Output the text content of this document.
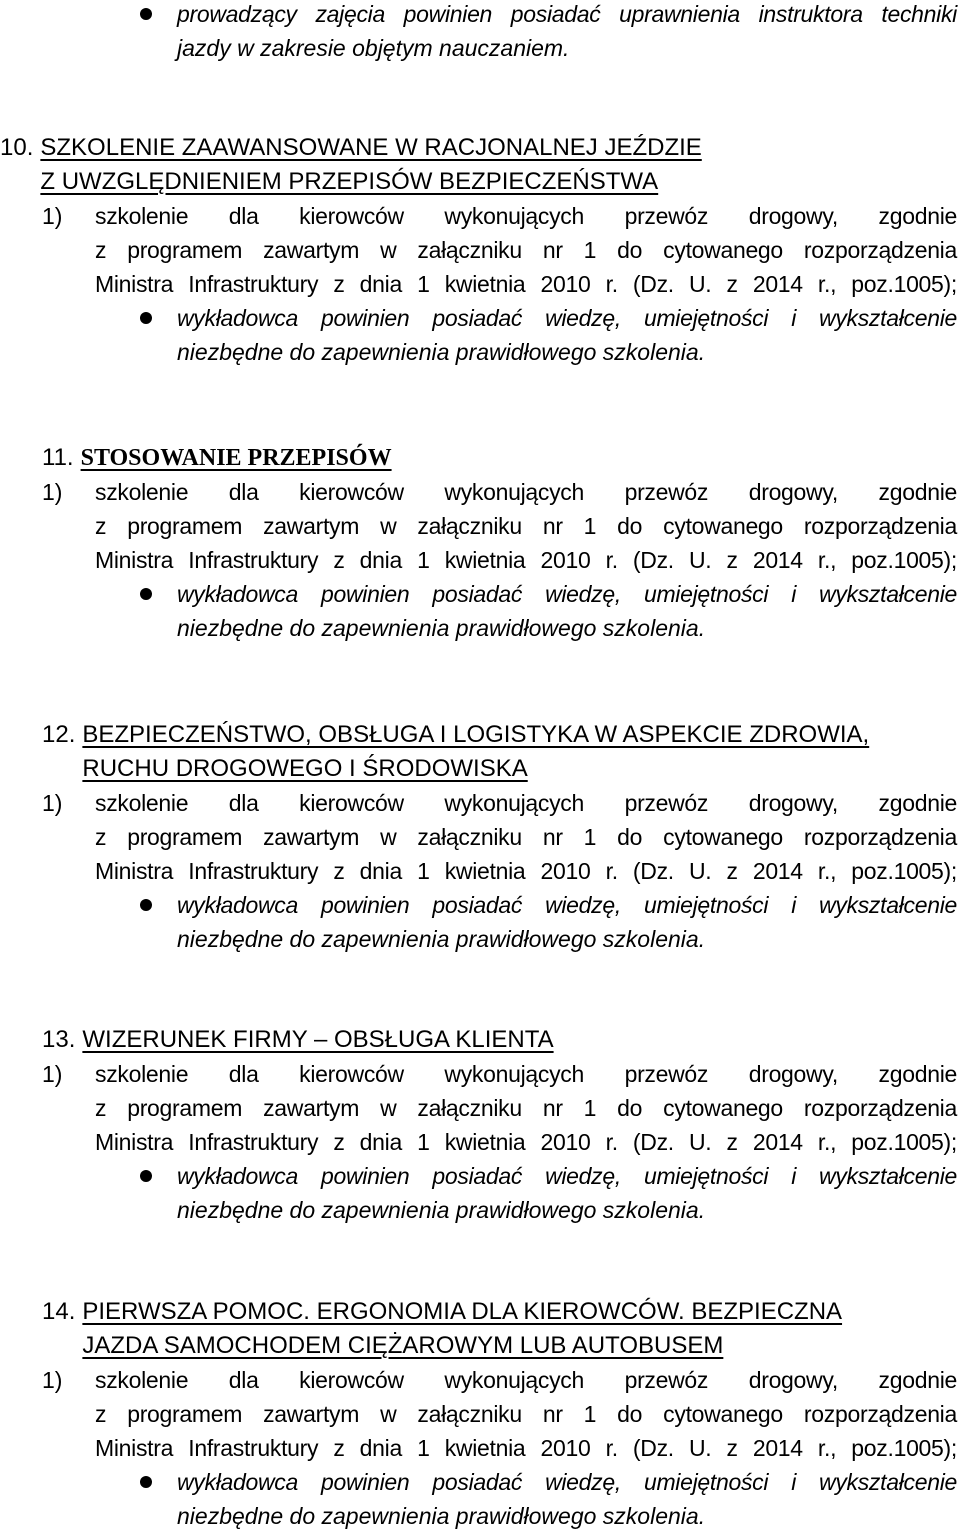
prowadzący zajęcia powinien posiadać uprawnienia instruktora techniki
jazdy w zakresie objętym nauczaniem.
10. SZKOLENIE ZAAWANSOWANE W RACJONALNEJ JEŹDZIE
Z UWZGLĘDNIENIEM PRZEPISÓW BEZPIECZEŃSTWA
1) szkolenie dla kierowców wykonujących przewóz drogowy, zgodnie
z programem zawartym w załączniku nr 1 do cytowanego rozporządzenia
Ministra Infrastruktury z dnia 1 kwietnia 2010 r. (Dz. U. z 2014 r., poz.1005);
wykładowca powinien posiadać wiedzę, umiejętności i wykształcenie
niezbędne do zapewnienia prawidłowego szkolenia.
11. STOSOWANIE PRZEPISÓW
1) szkolenie dla kierowców wykonujących przewóz drogowy, zgodnie
z programem zawartym w załączniku nr 1 do cytowanego rozporządzenia
Ministra Infrastruktury z dnia 1 kwietnia 2010 r. (Dz. U. z 2014 r., poz.1005);
wykładowca powinien posiadać wiedzę, umiejętności i wykształcenie
niezbędne do zapewnienia prawidłowego szkolenia.
12. BEZPIECZEŃSTWO, OBSŁUGA I LOGISTYKA W ASPEKCIE ZDROWIA,
RUCHU DROGOWEGO I ŚRODOWISKA
1) szkolenie dla kierowców wykonujących przewóz drogowy, zgodnie
z programem zawartym w załączniku nr 1 do cytowanego rozporządzenia
Ministra Infrastruktury z dnia 1 kwietnia 2010 r. (Dz. U. z 2014 r., poz.1005);
wykładowca powinien posiadać wiedzę, umiejętności i wykształcenie
niezbędne do zapewnienia prawidłowego szkolenia.
13. WIZERUNEK FIRMY – OBSŁUGA KLIENTA
1) szkolenie dla kierowców wykonujących przewóz drogowy, zgodnie
z programem zawartym w załączniku nr 1 do cytowanego rozporządzenia
Ministra Infrastruktury z dnia 1 kwietnia 2010 r. (Dz. U. z 2014 r., poz.1005);
wykładowca powinien posiadać wiedzę, umiejętności i wykształcenie
niezbędne do zapewnienia prawidłowego szkolenia.
14. PIERWSZA POMOC. ERGONOMIA DLA KIEROWCÓW. BEZPIECZNA
JAZDA SAMOCHODEM CIĘŻAROWYM LUB AUTOBUSEM
1) szkolenie dla kierowców wykonujących przewóz drogowy, zgodnie
z programem zawartym w załączniku nr 1 do cytowanego rozporządzenia
Ministra Infrastruktury z dnia 1 kwietnia 2010 r. (Dz. U. z 2014 r., poz.1005);
wykładowca powinien posiadać wiedzę, umiejętności i wykształcenie
niezbędne do zapewnienia prawidłowego szkolenia.
